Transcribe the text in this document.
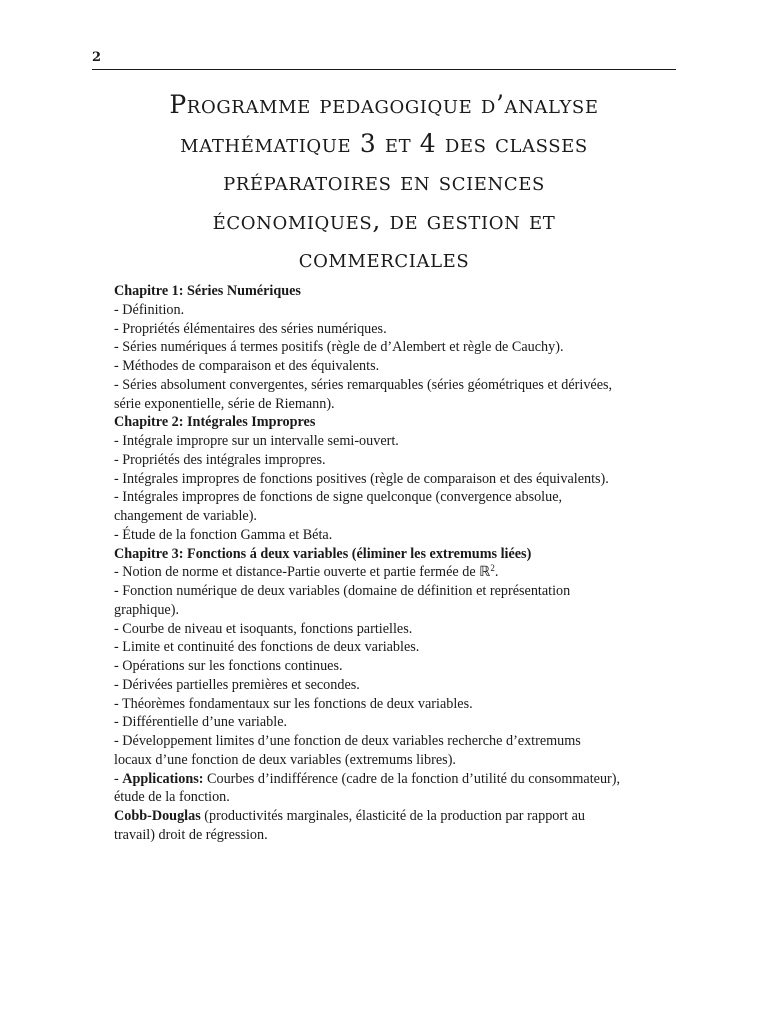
2
Programme pedagogique d’analyse
mathématique 3 et 4 des classes
préparatoires en sciences
économiques, de gestion et
commerciales
Chapitre 1: Séries Numériques
- Définition.
- Propriétés élémentaires des séries numériques.
- Séries numériques á termes positifs (règle de d’Alembert et règle de Cauchy).
- Méthodes de comparaison et des équivalents.
- Séries absolument convergentes, séries remarquables (séries géométriques et dérivées,
série exponentielle, série de Riemann).
Chapitre 2: Intégrales Impropres
- Intégrale impropre sur un intervalle semi-ouvert.
- Propriétés des intégrales impropres.
- Intégrales impropres de fonctions positives (règle de comparaison et des équivalents).
- Intégrales impropres de fonctions de signe quelconque (convergence absolue,
changement de variable).
- Étude de la fonction Gamma et Béta.
Chapitre 3: Fonctions á deux variables (éliminer les extremums liées)
- Notion de norme et distance-Partie ouverte et partie fermée de ℝ$^2$.
- Fonction numérique de deux variables (domaine de définition et représentation
graphique).
- Courbe de niveau et isoquants, fonctions partielles.
- Limite et continuité des fonctions de deux variables.
- Opérations sur les fonctions continues.
- Dérivées partielles premières et secondes.
- Théorèmes fondamentaux sur les fonctions de deux variables.
- Différentielle d’une variable.
- Développement limites d’une fonction de deux variables recherche d’extremums
locaux d’une fonction de deux variables (extremums libres).
- Applications: Courbes d’indifférence (cadre de la fonction d’utilité du consommateur),
étude de la fonction.
Cobb-Douglas (productivités marginales, élasticité de la production par rapport au
travail) droit de régression.
